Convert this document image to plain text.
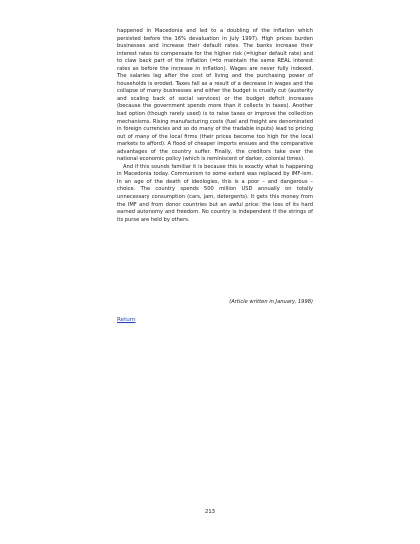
happened in Macedonia and led to a doubling of the inflation which persisted before the 16% devaluation in July 1997). High prices burden businesses and increase their default rates. The banks increase their interest rates to compensate for the higher risk (=higher default rate) and to claw back part of the inflation (=to maintain the same REAL interest rates as before the increase in inflation). Wages are never fully indexed. The salaries lag after the cost of living and the purchasing power of households is eroded. Taxes fall as a result of a decrease in wages and the collapse of many businesses and either the budget is cruelly cut (austerity and scaling back of social services) or the budget deficit increases (because the government spends more than it collects in taxes). Another bad option (though rarely used) is to raise taxes or improve the collection mechanisms. Rising manufacturing costs (fuel and freight are denominated in foreign currencies and so do many of the tradable inputs) lead to pricing out of many of the local firms (their prices become too high for the local markets to afford). A flood of cheaper imports ensues and the comparative advantages of the country suffer. Finally, the creditors take over the national economic policy (which is reminiscent of darker, colonial times).

And if this sounds familiar it is because this is exactly what is happening in Macedonia today. Communism to some extent was replaced by IMF-ism. In an age of the death of ideologies, this is a poor – and dangerous – choice. The country spends 500 million USD annually on totally unnecessary consumption (cars, jam, detergents). It gets this money from the IMF and from donor countries but an awful price: the loss of its hard earned autonomy and freedom. No country is independent if the strings of its purse are held by others.

(Article written in January, 1998)
Return
213
